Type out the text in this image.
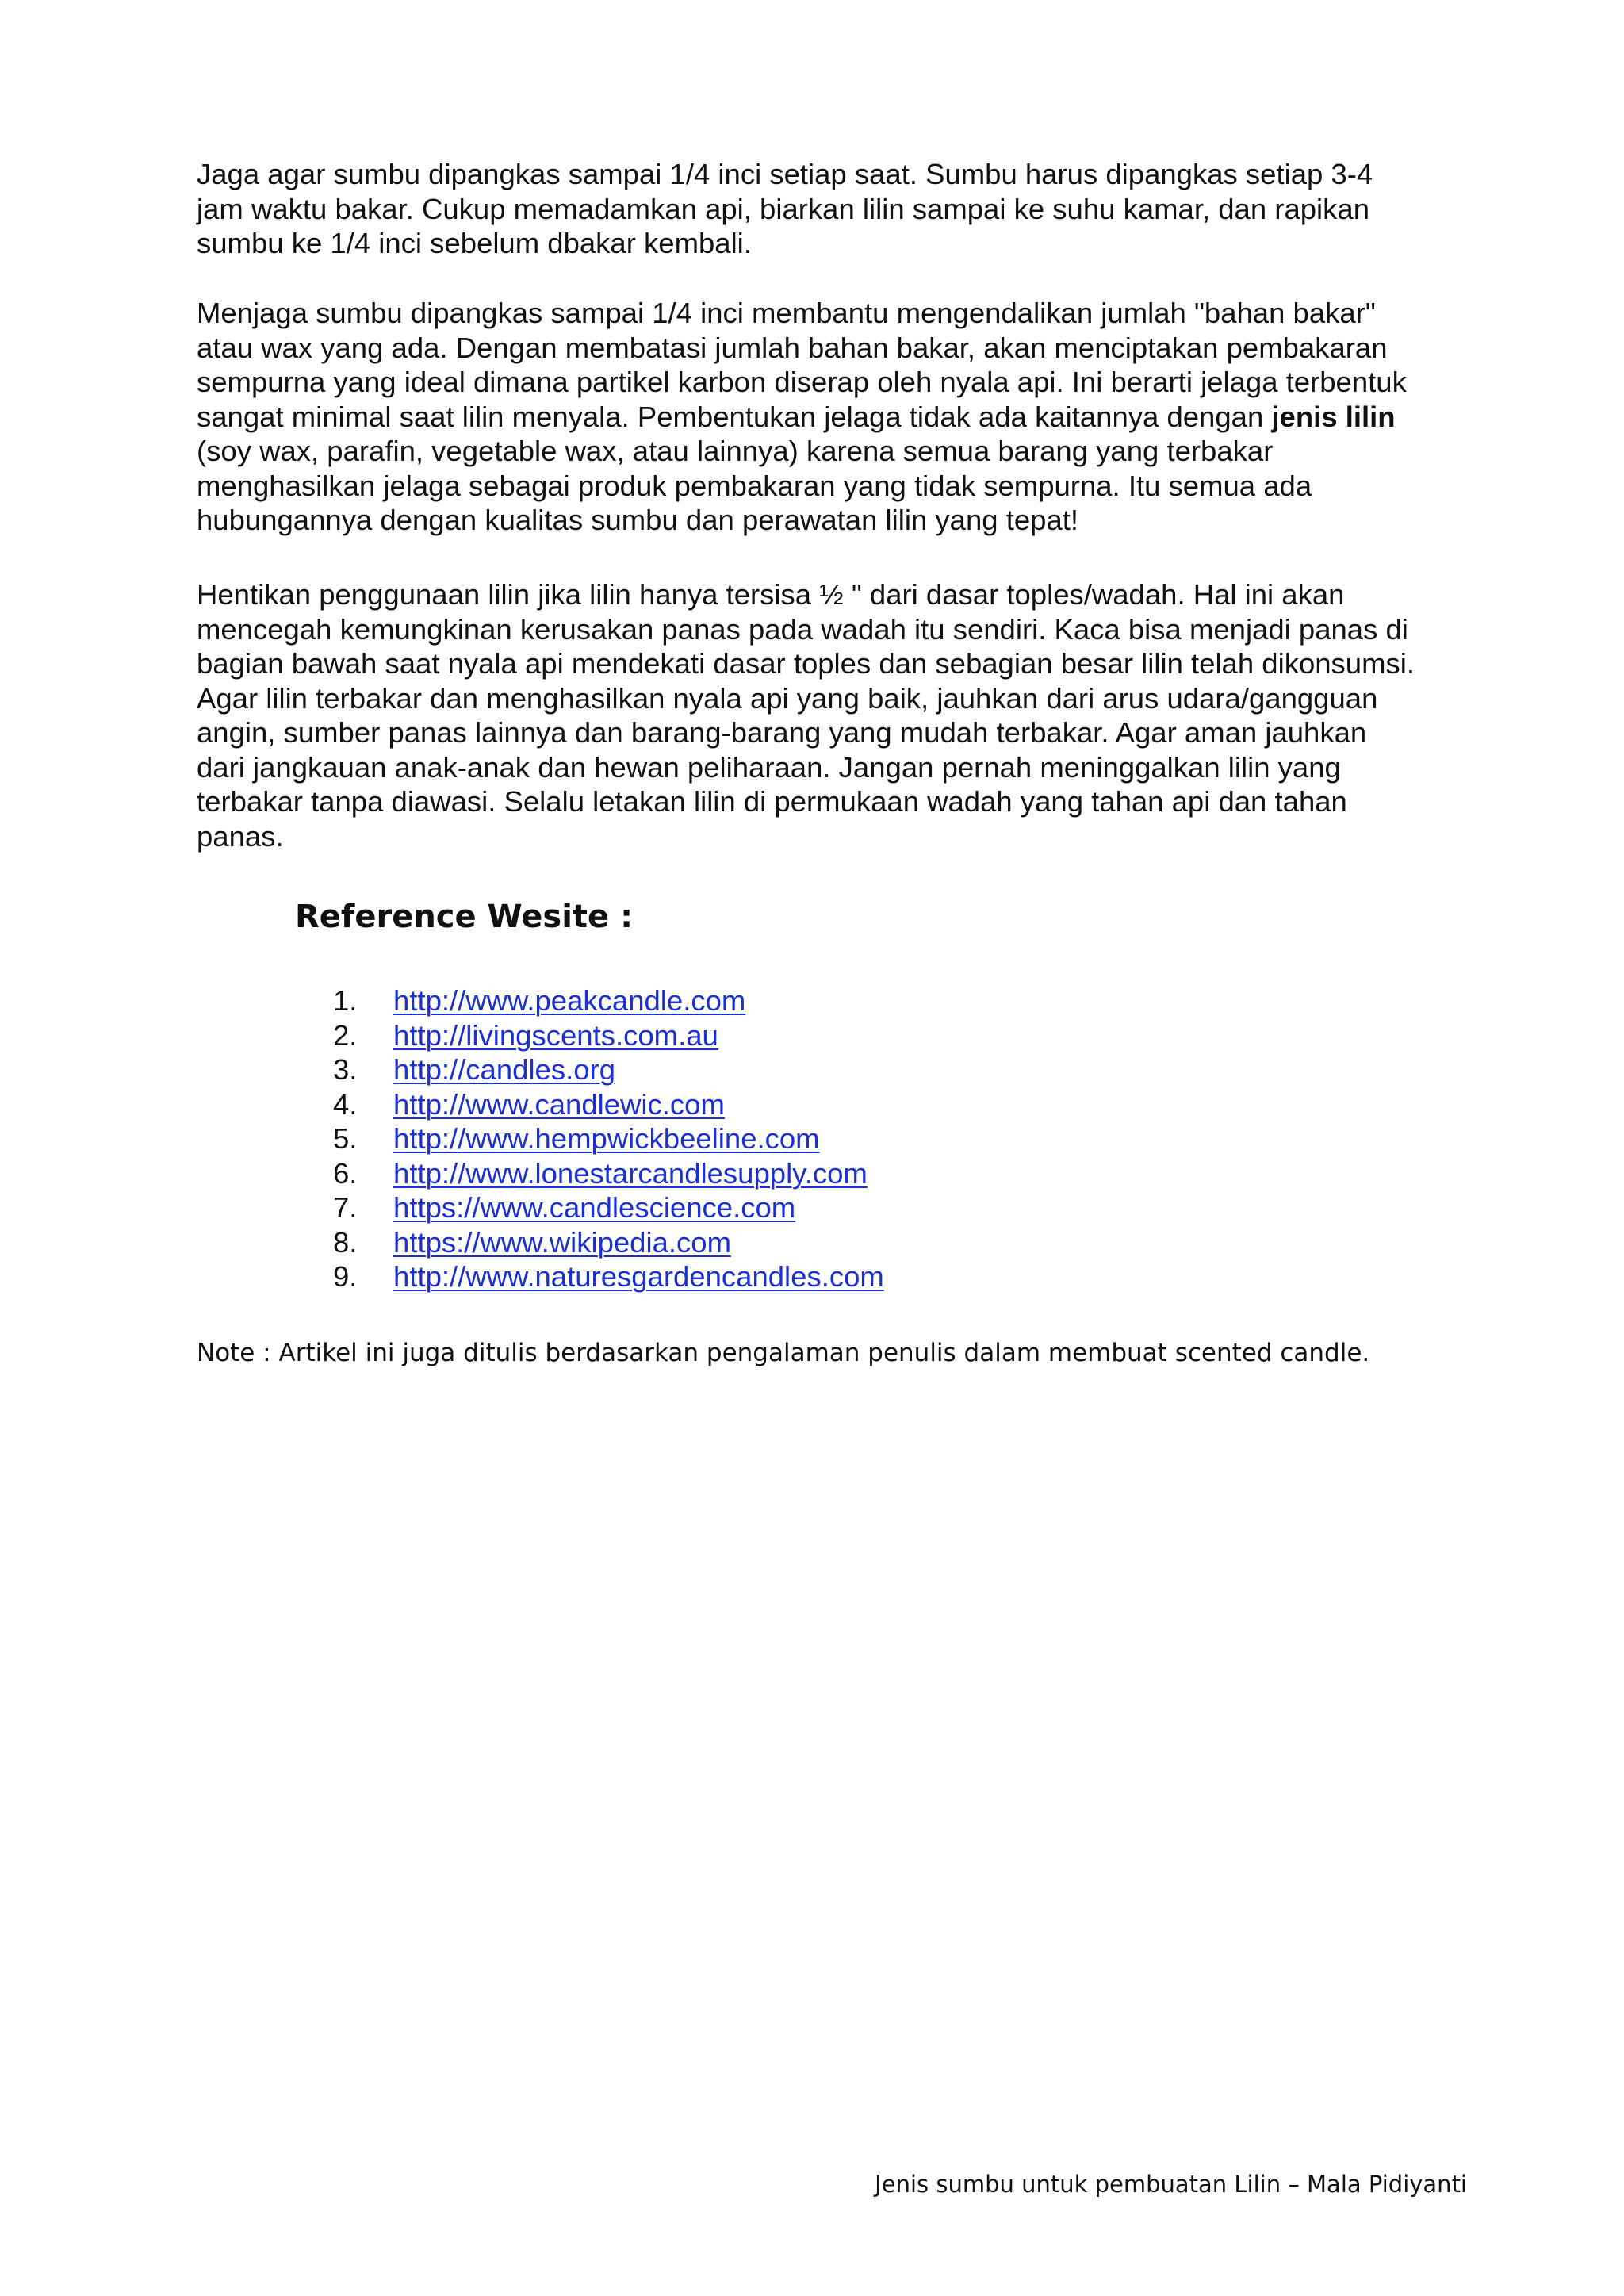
Jaga agar sumbu dipangkas sampai 1/4 inci setiap saat. Sumbu harus dipangkas setiap 3-4
jam waktu bakar. Cukup memadamkan api, biarkan lilin sampai ke suhu kamar, dan rapikan
sumbu ke 1/4 inci sebelum dbakar kembali.

Menjaga sumbu dipangkas sampai 1/4 inci membantu mengendalikan jumlah "bahan bakar"
atau wax yang ada. Dengan membatasi jumlah bahan bakar, akan menciptakan pembakaran
sempurna yang ideal dimana partikel karbon diserap oleh nyala api. Ini berarti jelaga terbentuk
sangat minimal saat lilin menyala. Pembentukan jelaga tidak ada kaitannya dengan jenis lilin
(soy wax, parafin, vegetable wax, atau lainnya) karena semua barang yang terbakar
menghasilkan jelaga sebagai produk pembakaran yang tidak sempurna. Itu semua ada
hubungannya dengan kualitas sumbu dan perawatan lilin yang tepat!

Hentikan penggunaan lilin jika lilin hanya tersisa ½ " dari dasar toples/wadah. Hal ini akan
mencegah kemungkinan kerusakan panas pada wadah itu sendiri. Kaca bisa menjadi panas di
bagian bawah saat nyala api mendekati dasar toples dan sebagian besar lilin telah dikonsumsi.
Agar lilin terbakar dan menghasilkan nyala api yang baik, jauhkan dari arus udara/gangguan
angin, sumber panas lainnya dan barang-barang yang mudah terbakar. Agar aman jauhkan
dari jangkauan anak-anak dan hewan peliharaan. Jangan pernah meninggalkan lilin yang
terbakar tanpa diawasi. Selalu letakan lilin di permukaan wadah yang tahan api dan tahan
panas.

Reference Wesite :
1.	http://www.peakcandle.com
2.	http://livingscents.com.au
3.	http://candles.org
4.	http://www.candlewic.com
5.	http://www.hempwickbeeline.com
6.	http://www.lonestarcandlesupply.com
7.	https://www.candlescience.com
8.	https://www.wikipedia.com
9.	http://www.naturesgardencandles.com

Note : Artikel ini juga ditulis berdasarkan pengalaman penulis dalam membuat scented candle.

Jenis sumbu untuk pembuatan Lilin – Mala Pidiyanti
